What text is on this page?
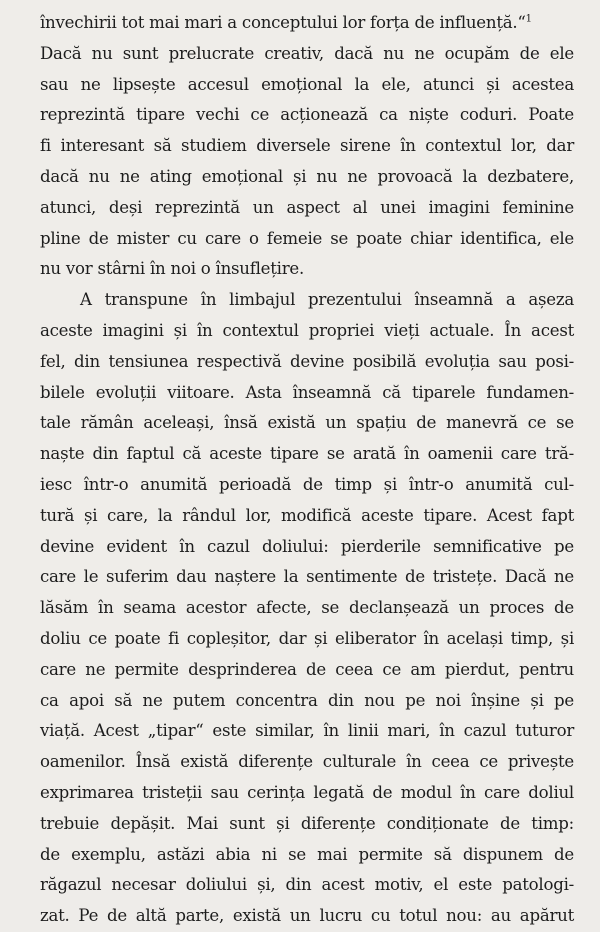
învechirii tot mai mari a conceptului lor forța de influență.“$^1$
Dacă nu sunt prelucrate creativ, dacă nu ne ocupăm de ele
sau ne lipsește accesul emoțional la ele, atunci și acestea
reprezintă tipare vechi ce acționează ca niște coduri. Poate
fi interesant să studiem diversele sirene în contextul lor, dar
dacă nu ne ating emoțional și nu ne provoacă la dezbatere,
atunci, deși reprezintă un aspect al unei imagini feminine
pline de mister cu care o femeie se poate chiar identifica, ele
nu vor stârni în noi o însuflețire.
A transpune în limbajul prezentului înseamnă a așeza
aceste imagini și în contextul propriei vieți actuale. În acest
fel, din tensiunea respectivă devine posibilă evoluția sau posi-
bilele evoluții viitoare. Asta înseamnă că tiparele fundamen-
tale rămân aceleași, însă există un spațiu de manevră ce se
naște din faptul că aceste tipare se arată în oamenii care tră-
iesc într-o anumită perioadă de timp și într-o anumită cul-
tură și care, la rândul lor, modifică aceste tipare. Acest fapt
devine evident în cazul doliului: pierderile semnificative pe
care le suferim dau naștere la sentimente de tristețe. Dacă ne
lăsăm în seama acestor afecte, se declanșează un proces de
doliu ce poate fi copleșitor, dar și eliberator în același timp, și
care ne permite desprinderea de ceea ce am pierdut, pentru
ca apoi să ne putem concentra din nou pe noi înșine și pe
viață. Acest „tipar“ este similar, în linii mari, în cazul tuturor
oamenilor. Însă există diferențe culturale în ceea ce privește
exprimarea tristeții sau cerința legată de modul în care doliul
trebuie depășit. Mai sunt și diferențe condiționate de timp:
de exemplu, astăzi abia ni se mai permite să dispunem de
răgazul necesar doliului și, din acest motiv, el este patologi-
zat. Pe de altă parte, există un lucru cu totul nou: au apărut
